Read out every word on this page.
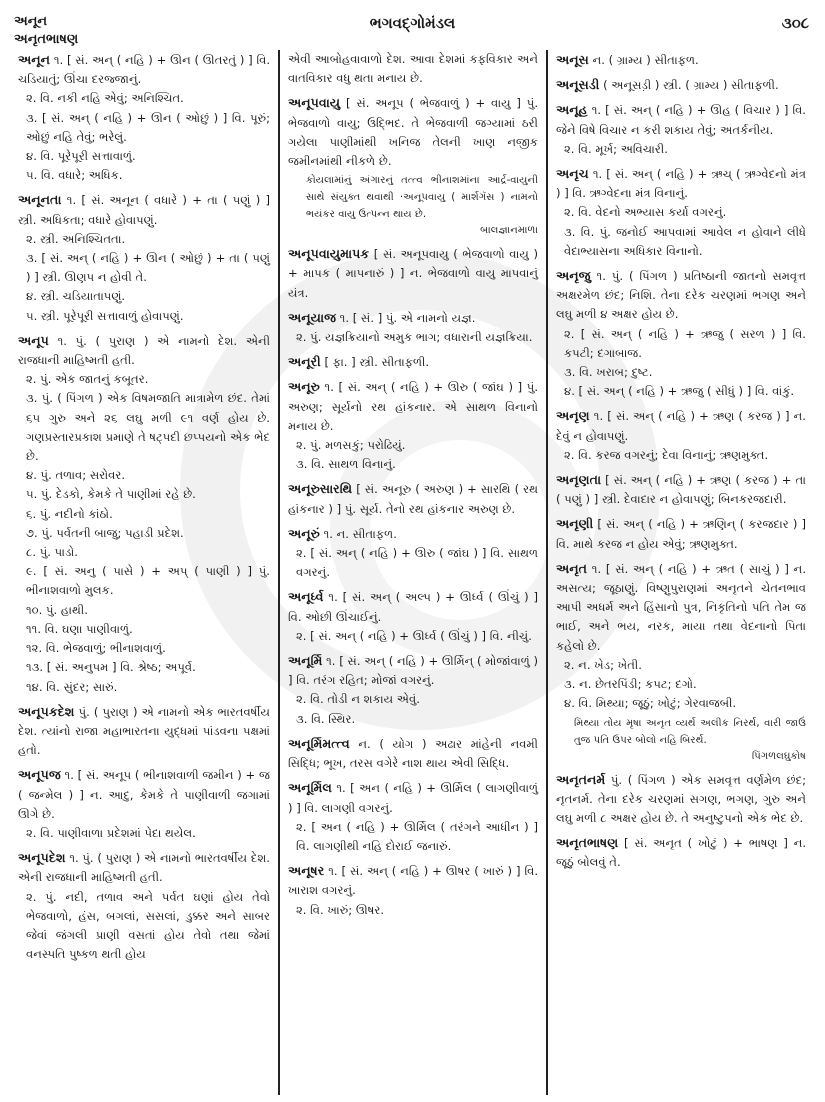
અનૂન
અનૃતભાષણ
ભગવદ્ગોમંડલ	૩૦૮
અનૂન ૧. [ સં. અન્ ( નહિ ) + ઊન ( ઊતરતું ) ] વિ. ચડિયાતું; ઊંચા દરજ્જાનું.
૨. વિ. નકી નહિ એવું; અનિશ્ચિત.
૩. [ સં. અન્ ( નહિ ) + ઊન ( ઓછું ) ] વિ. પૂરું; ઓછું નહિ તેવું; ભરેલું.
૪. વિ. પૂરેપૂરી સત્તાવાળું.
૫. વિ. વધારે; અધિક.
અનૂનતા ૧. [ સં. અનૂન ( વધારે ) + તા ( પણું ) ] સ્ત્રી. અધિકતા; વધારે હોવાપણું.
૨. સ્ત્રી. અનિશ્ચિતતા.
૩. [ સં. અન્ ( નહિ ) + ઊન ( ઓછું ) + તા ( પણું ) ] સ્ત્રી. ઊણપ ન હોવી તે.
૪. સ્ત્રી. ચડિયાતાપણું.
૫. સ્ત્રી. પૂરેપૂરી સત્તાવાળું હોવાપણું.
અનૂપ ૧. પું. ( પુરાણ ) એ નામનો દેશ. એની રાજધાની માહિષ્મતી હતી.
૨. પું. એક જાતનું કબૂતર.
૩. પું. ( પિંગળ ) એક વિષમજાતિ માત્રામેળ છંદ. તેમાં ૬૫ ગુરુ અને ૨૬ લઘુ મળી ૯૧ વર્ણ હોય છે. ગણપ્રસ્તારપ્રકાશ પ્રમાણે તે ષટ્પદી છપ્પયનો એક ભેદ છે.
૪. પું. તળાવ; સરોવર.
૫. પું. દેડકો, કેમકે તે પાણીમાં રહે છે.
૬. પું. નદીનો કાંઠો.
૭. પું. પર્વતની બાજુ; પહાડી પ્રદેશ.
૮. પું. પાડો.
૯. [ સં. અનુ ( પાસે ) + અપ્ ( પાણી ) ] પું. ભીનાશવાળો મુલક.
૧૦. પું. હાથી.
૧૧. વિ. ઘણા પાણીવાળું.
૧૨. વિ. ભેજવાળું; ભીનાશવાળું.
૧૩. [ સં. અનુપમ ] વિ. શ્રેષ્ઠ; અપૂર્વ.
૧૪. વિ. સુંદર; સારું.
અનૂપકદેશ પું. ( પુરાણ ) એ નામનો એક ભારતવર્ષીય દેશ. ત્યાંનો રાજા મહાભારતના યુદ્ધમાં પાંડવના પક્ષમાં હતો.
અનૂપજ ૧. [ સં. અનૂપ ( ભીનાશવાળી જમીન ) + જ ( જન્મેલ ) ] ન. આદુ, કેમકે તે પાણીવાળી જગામાં ઊગે છે.
૨. વિ. પાણીવાળા પ્રદેશમાં પેદા થયેલ.
અનૂપદેશ ૧. પું. ( પુરાણ ) એ નામનો ભારતવર્ષીય દેશ. એની રાજધાની માહિષ્મતી હતી.
૨. પું. નદી, તળાવ અને પર્વત ઘણાં હોય તેવો ભેજવાળો, હંસ, બગલાં, સસલાં, ડુક્કર અને સાબર જેવાં જંગલી પ્રાણી વસતાં હોય તેવો તથા જેમાં વનસ્પતિ પુષ્કળ થતી હોય
એવી આબોહવાવાળો દેશ. આવા દેશમાં કફવિકાર અને વાતવિકાર વધુ થતા મનાય છે.
અનૂપવાયુ [ સં. અનૂપ ( ભેજવાળું ) + વાયુ ] પું. ભેજવાળો વાયુ; ઉદ્ભિદ. તે ભેજવાળી જગ્યામાં ઠરી ગયેલા પાણીમાંથી ખનિજ તેલની ખાણ નજીક જમીનમાંથી નીકળે છે.
કોયલામાંનું અંગારનું તત્ત્વ ભીનાશમાંના આર્દ્ર-વાયુની સાથે સંયુક્ત થવાથી ·અનૂપવાયુ ( માર્શગૅસ ) નામનો ભયંકર વાયુ ઉત્પન્ન થાય છે.
બાલજ્ઞાનમાળા
અનૂપવાયુમાપક [ સં. અનૂપવાયુ ( ભેજવાળો વાયુ ) + માપક ( માપનારું ) ] ન. ભેજવાળો વાયુ માપવાનું યંત્ર.
અનૂયાજ ૧. [ સં. ] પું. એ નામનો યજ્ઞ.
૨. પું. યજ્ઞક્રિયાનો અમુક ભાગ; વધારાની યજ્ઞક્રિયા.
અનૂરી [ ફા. ] સ્ત્રી. સીતાફળી.
અનૂરુ ૧. [ સં. અન્ ( નહિ ) + ઊરુ ( જાંઘ ) ] પું. અરુણ; સૂર્યનો રથ હાંકનાર. એ સાથળ વિનાનો મનાય છે.
૨. પું. મળસકું; પરોઢિયું.
૩. વિ. સાથળ વિનાનું.
અનૂરુસારથિ [ સં. અનૂરુ ( અરુણ ) + સારથિ ( રથ હાંકનાર ) ] પું. સૂર્ય. તેનો રથ હાંકનાર અરુણ છે.
અનૂરું ૧. ન. સીતાફળ.
૨. [ સં. અન્ ( નહિ ) + ઊરુ ( જાંઘ ) ] વિ. સાથળ વગરનું.
અનૂર્ધ્વ ૧. [ સં. અન્ ( અલ્પ ) + ઊર્ધ્વ ( ઊંચું ) ] વિ. ઓછી ઊંચાઈનું.
૨. [ સં. અન્ ( નહિ ) + ઊર્ધ્વ ( ઊંચું ) ] વિ. નીચું.
અનૂર્મિ ૧. [ સં. અન્ ( નહિ ) + ઊર્મિન્ ( મોજાંવાળું ) ] વિ. તરંગ રહિત; મોજાં વગરનું.
૨. વિ. તોડી ન શકાય એવું.
૩. વિ. સ્થિર.
અનૂર્મિમત્ત્વ ન. ( યોગ ) અઢાર માંહેની નવમી સિદ્ધિ; ભૂખ, તરસ વગેરે નાશ થાય એવી સિદ્ધિ.
અનૂર્મિલ ૧. [ અન ( નહિ ) + ઊર્મિલ ( લાગણીવાળું ) ] વિ. લાગણી વગરનું.
૨. [ અન ( નહિ ) + ઊર્મિલ ( તરંગને આધીન ) ] વિ. લાગણીથી નહિ દોરાઈ જનારું.
અનૂષર ૧. [ સં. અન્ ( નહિ ) + ઊષર ( ખારું ) ] વિ. ખારાશ વગરનું.
૨. વિ. ખારું; ઊષર.
અનૂસ ન. ( ગ્રામ્ય ) સીતાફળ.
અનૂસડી ( અનૂસડ઼ી ) સ્ત્રી. ( ગ્રામ્ય ) સીતાફળી.
અનૂહ ૧. [ સં. અન્ ( નહિ ) + ઊહ ( વિચાર ) ] વિ. જેને વિષે વિચાર ન કરી શકાય તેવું; અતર્કનીય.
૨. વિ. મૂર્ખ; અવિચારી.
અનૃચ ૧. [ સં. અન્ ( નહિ ) + ઋચ્ ( ઋગ્વેદનો મંત્ર ) ] વિ. ઋગ્વેદના મંત્ર વિનાનું.
૨. વિ. વેદનો અભ્યાસ કર્યા વગરનું.
૩. વિ. પું. જનોઈ આપવામાં આવેલ ન હોવાને લીધે વેદાભ્યાસના અધિકાર વિનાનો.
અનૃજુ ૧. પું. ( પિંગળ ) પ્રતિષ્ઠાની જાતનો સમવૃત્ત અક્ષરમેળ છંદ; નિશિ. તેના દરેક ચરણમાં ભગણ અને લઘુ મળી ૪ અક્ષર હોય છે.
૨. [ સં. અન્ ( નહિ ) + ઋજુ ( સરળ ) ] વિ. કપટી; દગાબાજ.
૩. વિ. ખરાબ; દુષ્ટ.
૪. [ સં. અન્ ( નહિ ) + ઋજુ ( સીધું ) ] વિ. વાંકું.
અનૃણ ૧. [ સં. અન્ ( નહિ ) + ઋણ ( કરજ ) ] ન. દેવું ન હોવાપણું.
૨. વિ. કરજ વગરનું; દેવા વિનાનું; ઋણમુક્ત.
અનૃણતા [ સં. અન્ ( નહિ ) + ઋણ ( કરજ ) + તા ( પણું ) ] સ્ત્રી. દેવાદાર ન હોવાપણું; બિનકરજદારી.
અનૃણી [ સં. અન્ ( નહિ ) + ઋણિન્ ( કરજદાર ) ] વિ. માથે કરજ ન હોય એવું; ઋણમુક્ત.
અનૃત ૧. [ સં. અન્ ( નહિ ) + ઋત ( સાચું ) ] ન. અસત્ય; જૂઠાણું. વિષ્ણુપુરાણમાં અનૃતને ચેતનભાવ આપી અધર્મ અને હિંસાનો પુત્ર, નિકૃતિનો પતિ તેમ જ ભાઈ, અને ભય, નરક, માયા તથા વેદનાનો પિતા કહેલો છે.
૨. ન. ખેડ; ખેતી.
૩. ન. છેતરપિંડી; કપટ; દગો.
૪. વિ. મિથ્યા; જૂઠું; ખોટું; ગેરવાજબી.
મિથ્યા તોય મૃષા અનૃત વ્યર્થ અલીક નિરર્થ, વારી જાઉં તુજ પતિ ઉપર બોલો નહિ બિરર્થ.
પિંગળલઘુકોષ
અનૃતનર્મ પું. ( પિંગળ ) એક સમવૃત્ત વર્ણમેળ છંદ; નૃતનર્મ. તેના દરેક ચરણમાં સગણ, ભગણ, ગુરુ અને લઘુ મળી ૮ અક્ષર હોય છે. તે અનુષ્ટુપનો એક ભેદ છે.
અનૃતભાષણ [ સં. અનૃત ( ખોટું ) + ભાષણ ] ન. જૂઠું બોલવું તે.
